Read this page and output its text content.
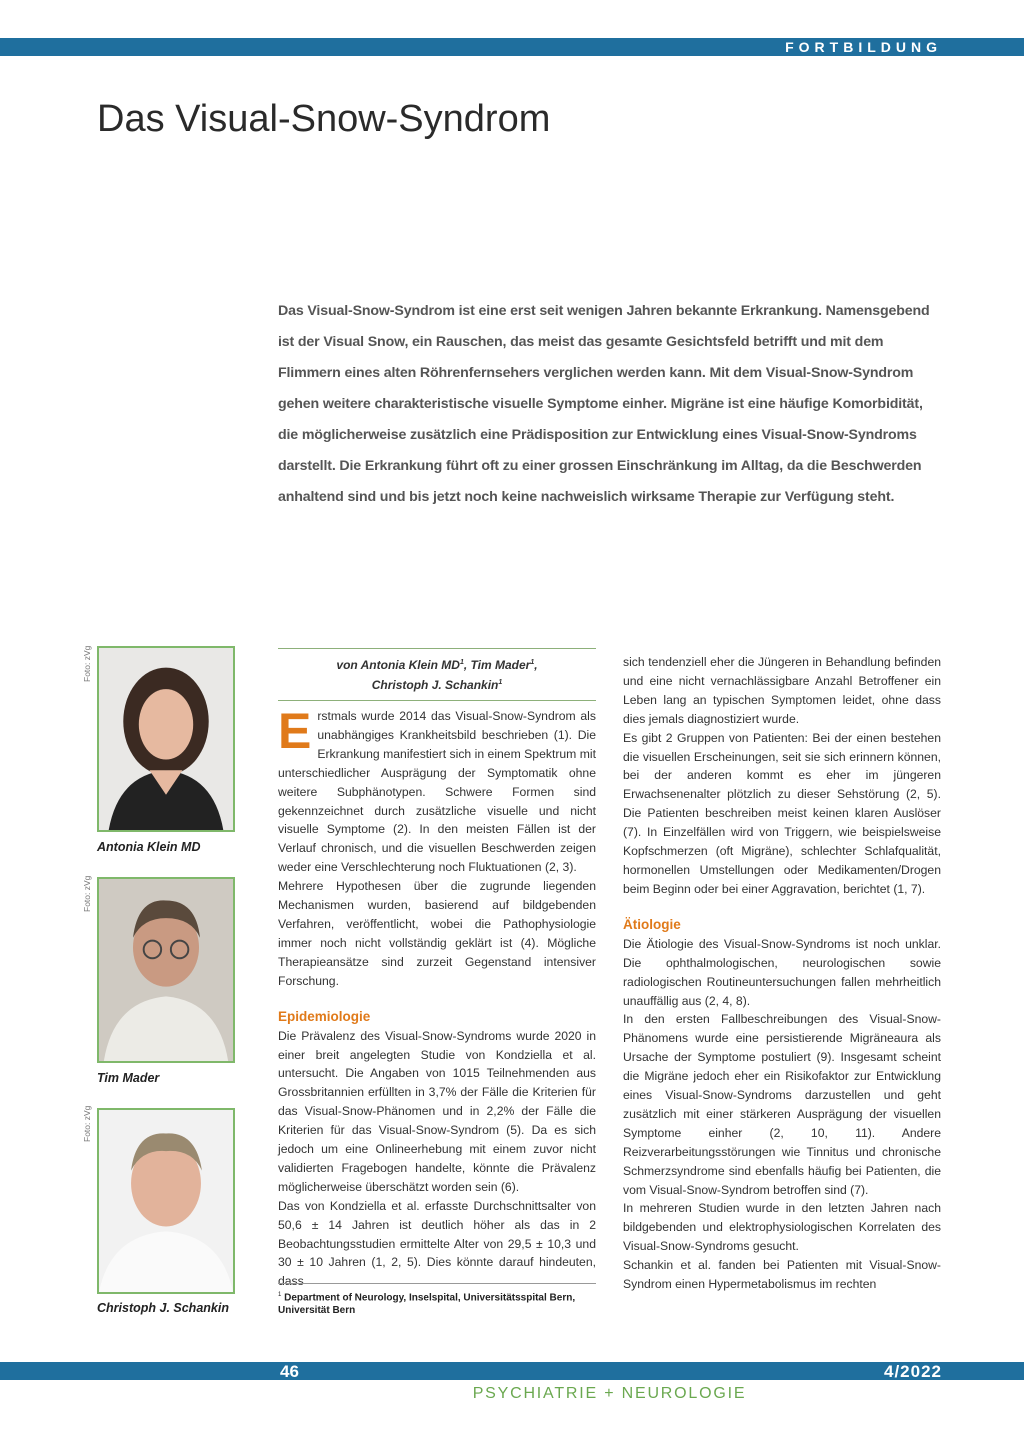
FORTBILDUNG
Das Visual-Snow-Syndrom

Das Visual-Snow-Syndrom ist eine erst seit wenigen Jahren bekannte Erkrankung. Namensgebend ist der Visual Snow, ein Rauschen, das meist das gesamte Gesichtsfeld betrifft und mit dem Flimmern eines alten Röhrenfernsehers verglichen werden kann. Mit dem Visual-Snow-Syndrom gehen weitere charakteristische visuelle Symptome einher. Migräne ist eine häufige Komorbidität, die möglicherweise zusätzlich eine Prädisposition zur Entwicklung eines Visual-Snow-Syndroms darstellt. Die Erkrankung führt oft zu einer grossen Einschränkung im Alltag, da die Beschwerden anhaltend sind und bis jetzt noch keine nachweislich wirksame Therapie zur Verfügung steht.

Foto: zVg
Antonia Klein MD
Foto: zVg
Tim Mader
Foto: zVg
Christoph J. Schankin
von Antonia Klein $MD^1$, Tim Mader$^1$,
Christoph J. Schankin$^1$

Erstmals wurde 2014 das Visual-Snow-Syndrom als unabhängiges Krankheitsbild beschrieben (1). Die Erkrankung manifestiert sich in einem Spektrum mit unterschiedlicher Ausprägung der Symptomatik ohne weitere Subphänotypen. Schwere Formen sind gekennzeichnet durch zusätzliche visuelle und nicht visuelle Symptome (2). In den meisten Fällen ist der Verlauf chronisch, und die visuellen Beschwerden zeigen weder eine Verschlechterung noch Fluktuationen (2, 3).

Mehrere Hypothesen über die zugrunde liegenden Mechanismen wurden, basierend auf bildgebenden Verfahren, veröffentlicht, wobei die Pathophysiologie immer noch nicht vollständig geklärt ist (4). Mögliche Therapieansätze sind zurzeit Gegenstand intensiver Forschung.

Epidemiologie

Die Prävalenz des Visual-Snow-Syndroms wurde 2020 in einer breit angelegten Studie von Kondziella et al. untersucht. Die Angaben von 1015 Teilnehmenden aus Grossbritannien erfüllten in 3,7% der Fälle die Kriterien für das Visual-Snow-Phänomen und in 2,2% der Fälle die Kriterien für das Visual-Snow-Syndrom (5). Da es sich jedoch um eine Onlineerhebung mit einem zuvor nicht validierten Fragebogen handelte, könnte die Prävalenz möglicherweise überschätzt worden sein (6).

Das von Kondziella et al. erfasste Durchschnittsalter von 50,6 ± 14 Jahren ist deutlich höher als das in 2 Beobachtungsstudien ermittelte Alter von 29,5 ± 10,3 und 30 ± 10 Jahren (1, 2, 5). Dies könnte darauf hindeuten, dass

$^1$ Department of Neurology, Inselspital, Universitätsspital Bern, Universität Bern

sich tendenziell eher die Jüngeren in Behandlung befinden und eine nicht vernachlässigbare Anzahl Betroffener ein Leben lang an typischen Symptomen leidet, ohne dass dies jemals diagnostiziert wurde.

Es gibt 2 Gruppen von Patienten: Bei der einen bestehen die visuellen Erscheinungen, seit sie sich erinnern können, bei der anderen kommt es eher im jüngeren Erwachsenenalter plötzlich zu dieser Sehstörung (2, 5). Die Patienten beschreiben meist keinen klaren Auslöser (7). In Einzelfällen wird von Triggern, wie beispielsweise Kopfschmerzen (oft Migräne), schlechter Schlafqualität, hormonellen Umstellungen oder Medikamenten/Drogen beim Beginn oder bei einer Aggravation, berichtet (1, 7).

Ätiologie

Die Ätiologie des Visual-Snow-Syndroms ist noch unklar. Die ophthalmologischen, neurologischen sowie radiologischen Routineuntersuchungen fallen mehrheitlich unauffällig aus (2, 4, 8).

In den ersten Fallbeschreibungen des Visual-Snow-Phänomens wurde eine persistierende Migräneaura als Ursache der Symptome postuliert (9). Insgesamt scheint die Migräne jedoch eher ein Risikofaktor zur Entwicklung eines Visual-Snow-Syndroms darzustellen und geht zusätzlich mit einer stärkeren Ausprägung der visuellen Symptome einher (2, 10, 11). Andere Reizverarbeitungsstörungen wie Tinnitus und chronische Schmerzsyndrome sind ebenfalls häufig bei Patienten, die vom Visual-Snow-Syndrom betroffen sind (7).

In mehreren Studien wurde in den letzten Jahren nach bildgebenden und elektrophysiologischen Korrelaten des Visual-Snow-Syndroms gesucht.

Schankin et al. fanden bei Patienten mit Visual-Snow-Syndrom einen Hypermetabolismus im rechten

46	4/2022
PSYCHIATRIE + NEUROLOGIE
